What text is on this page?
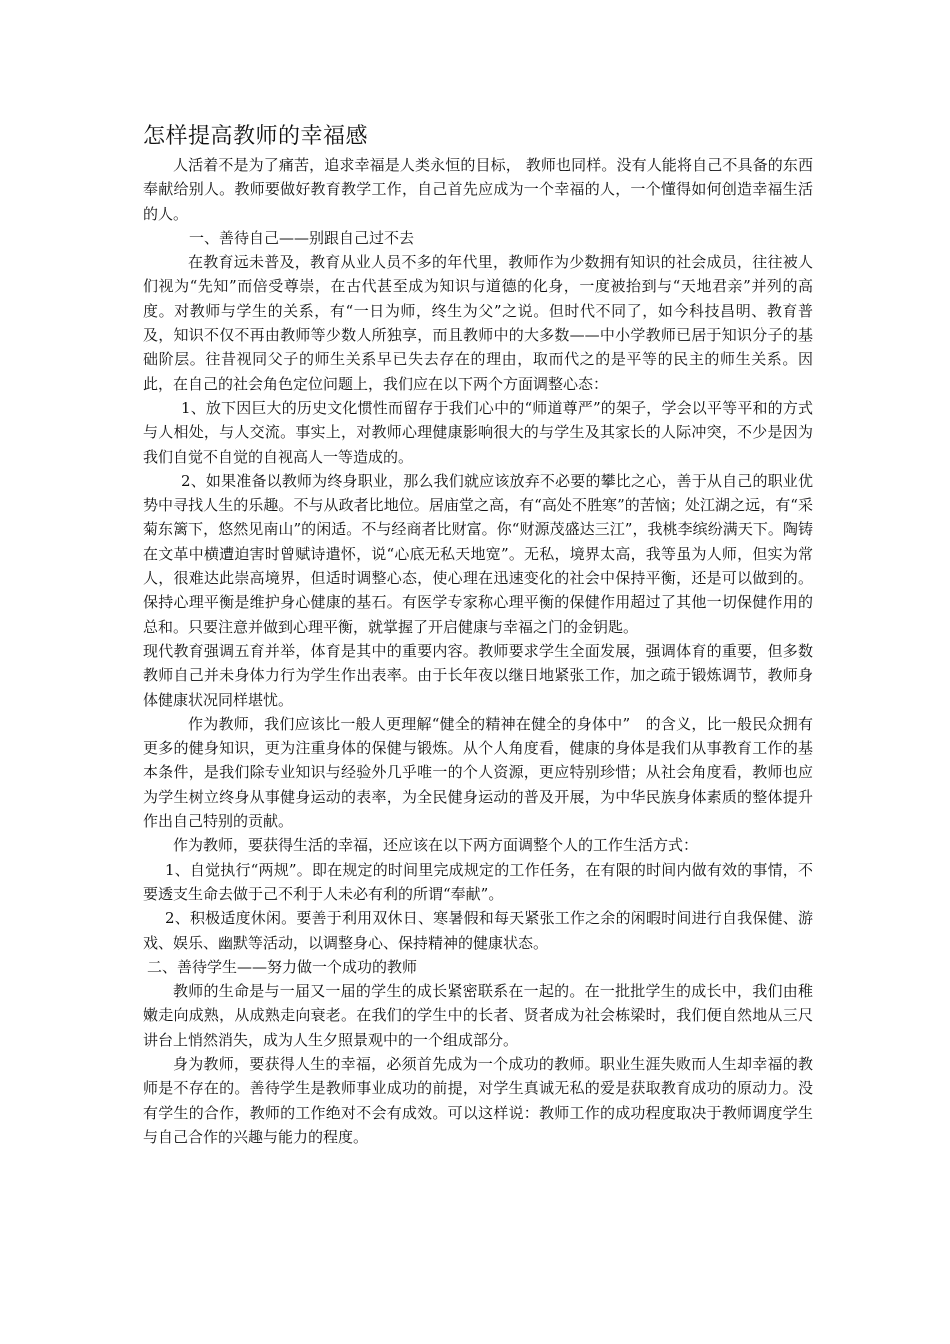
怎样提高教师的幸福感

人活着不是为了痛苦，追求幸福是人类永恒的目标， 教师也同样。没有人能将自己不具备的东西奉献给别人。教师要做好教育教学工作，自己首先应成为一个幸福的人，一个懂得如何创造幸福生活的人。

一、善待自己——别跟自己过不去

在教育远未普及，教育从业人员不多的年代里，教师作为少数拥有知识的社会成员，往往被人们视为“先知”而倍受尊崇，在古代甚至成为知识与道德的化身，一度被抬到与“天地君亲”并列的高度。对教师与学生的关系，有“一日为师，终生为父”之说。但时代不同了，如今科技昌明、教育普及，知识不仅不再由教师等少数人所独享，而且教师中的大多数——中小学教师已居于知识分子的基础阶层。往昔视同父子的师生关系早已失去存在的理由，取而代之的是平等的民主的师生关系。因此，在自己的社会角色定位问题上，我们应在以下两个方面调整心态：

1、放下因巨大的历史文化惯性而留存于我们心中的“师道尊严”的架子，学会以平等平和的方式与人相处，与人交流。事实上，对教师心理健康影响很大的与学生及其家长的人际冲突，不少是因为我们自觉不自觉的自视高人一等造成的。

2、如果准备以教师为终身职业，那么我们就应该放弃不必要的攀比之心，善于从自己的职业优势中寻找人生的乐趣。不与从政者比地位。居庙堂之高，有“高处不胜寒”的苦恼；处江湖之远，有“采菊东篱下，悠然见南山”的闲适。不与经商者比财富。你“财源茂盛达三江”，我桃李缤纷满天下。陶铸在文革中横遭迫害时曾赋诗遣怀，说“心底无私天地宽”。无私，境界太高，我等虽为人师，但实为常人，很难达此崇高境界，但适时调整心态，使心理在迅速变化的社会中保持平衡，还是可以做到的。保持心理平衡是维护身心健康的基石。有医学专家称心理平衡的保健作用超过了其他一切保健作用的总和。只要注意并做到心理平衡，就掌握了开启健康与幸福之门的金钥匙。

现代教育强调五育并举，体育是其中的重要内容。教师要求学生全面发展，强调体育的重要，但多数教师自己并未身体力行为学生作出表率。由于长年夜以继日地紧张工作，加之疏于锻炼调节，教师身体健康状况同样堪忧。

作为教师，我们应该比一般人更理解“健全的精神在健全的身体中”　的含义，比一般民众拥有更多的健身知识，更为注重身体的保健与锻炼。从个人角度看，健康的身体是我们从事教育工作的基本条件，是我们除专业知识与经验外几乎唯一的个人资源，更应特别珍惜；从社会角度看，教师也应为学生树立终身从事健身运动的表率，为全民健身运动的普及开展，为中华民族身体素质的整体提升作出自己特别的贡献。

作为教师，要获得生活的幸福，还应该在以下两方面调整个人的工作生活方式：

1、自觉执行“两规”。即在规定的时间里完成规定的工作任务，在有限的时间内做有效的事情，不要透支生命去做于己不利于人未必有利的所谓“奉献”。

2、积极适度休闲。要善于利用双休日、寒暑假和每天紧张工作之余的闲暇时间进行自我保健、游戏、娱乐、幽默等活动，以调整身心、保持精神的健康状态。

二、善待学生——努力做一个成功的教师

教师的生命是与一届又一届的学生的成长紧密联系在一起的。在一批批学生的成长中，我们由稚嫩走向成熟，从成熟走向衰老。在我们的学生中的长者、贤者成为社会栋梁时，我们便自然地从三尺讲台上悄然消失，成为人生夕照景观中的一个组成部分。

身为教师，要获得人生的幸福，必须首先成为一个成功的教师。职业生涯失败而人生却幸福的教师是不存在的。善待学生是教师事业成功的前提，对学生真诚无私的爱是获取教育成功的原动力。没有学生的合作，教师的工作绝对不会有成效。可以这样说：教师工作的成功程度取决于教师调度学生与自己合作的兴趣与能力的程度。
